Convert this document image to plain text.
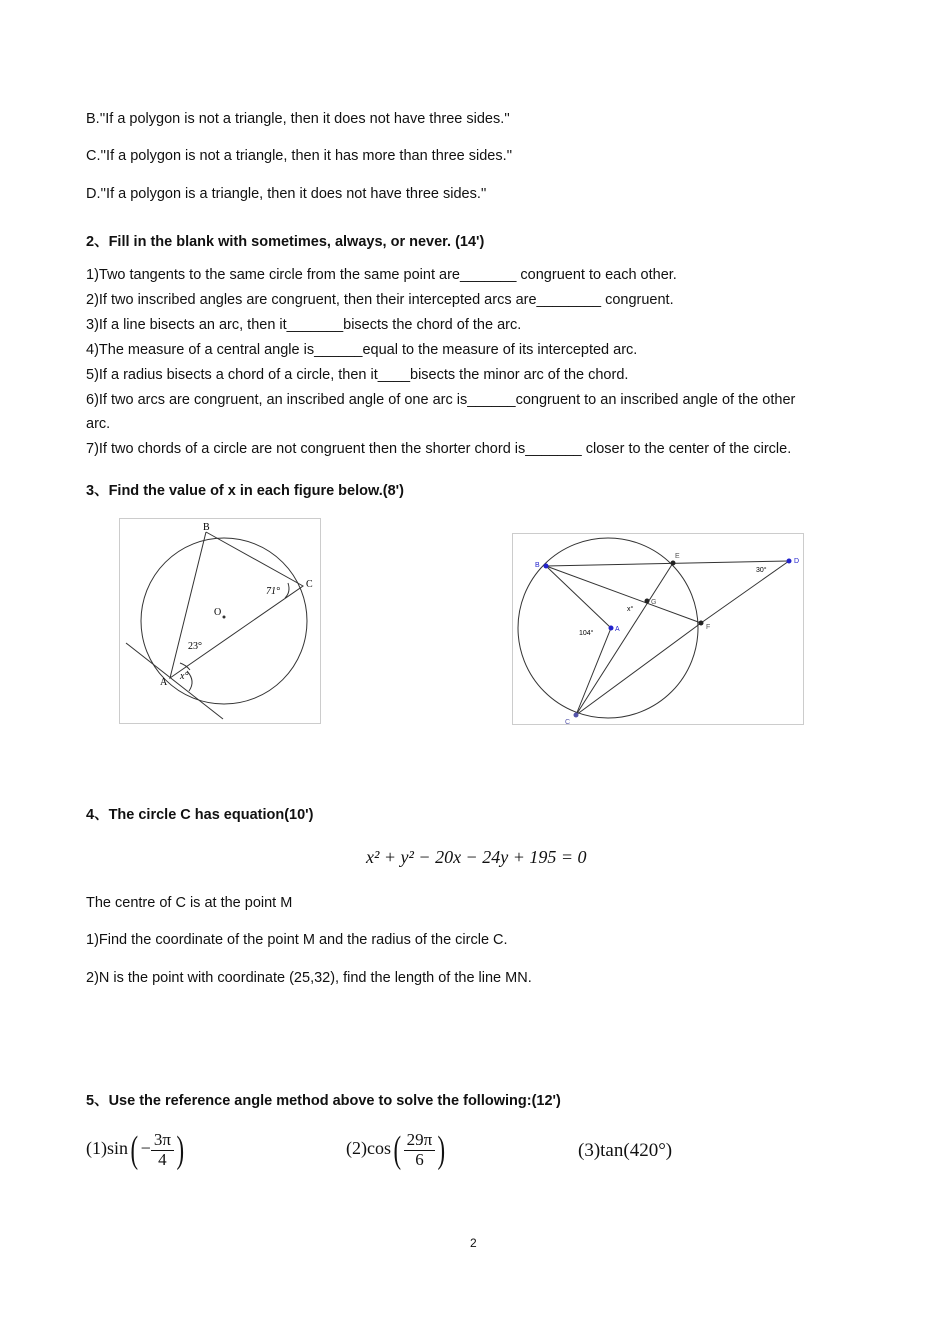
B.''If a polygon is not a triangle, then it does not have three sides.''
C.''If a polygon is not a triangle, then it has more than three sides.''
D.''If a polygon is a triangle, then it does not have three sides.''
2、Fill in the blank with sometimes, always, or never. (14')
1)Two tangents to the same circle from the same point are_______ congruent to each other.
2)If two inscribed angles are congruent, then their intercepted arcs are________ congruent.
3)If a line bisects an arc, then it_______bisects the chord of the arc.
4)The measure of a central angle is______equal to the measure of its intercepted arc.
5)If a radius bisects a chord of a circle, then it____bisects the minor arc of the chord.
6)If two arcs are congruent, an inscribed angle of one arc is______congruent to an inscribed angle of the other
arc.
7)If two chords of a circle are not congruent then the shorter chord is_______ closer to the center of the circle.
3、Find the value of x in each figure below.(8')
B
C
A
O
71°
23°
x°
B
E
D
G
F
A
C
30°
104°
x°
4、The circle C has equation(10')
x² + y² − 20x − 24y + 195 = 0
The centre of C is at the point M
1)Find the coordinate of the point M and the radius of the circle C.
2)N is the point with coordinate (25,32), find the length of the line MN.
5、Use the reference angle method above to solve the following:(12')
$(1)\sin( - \frac{3\pi}{4}$ )	$(2)\cos( \frac{29\pi}{6}$ )	(3)tan(420°)
2
